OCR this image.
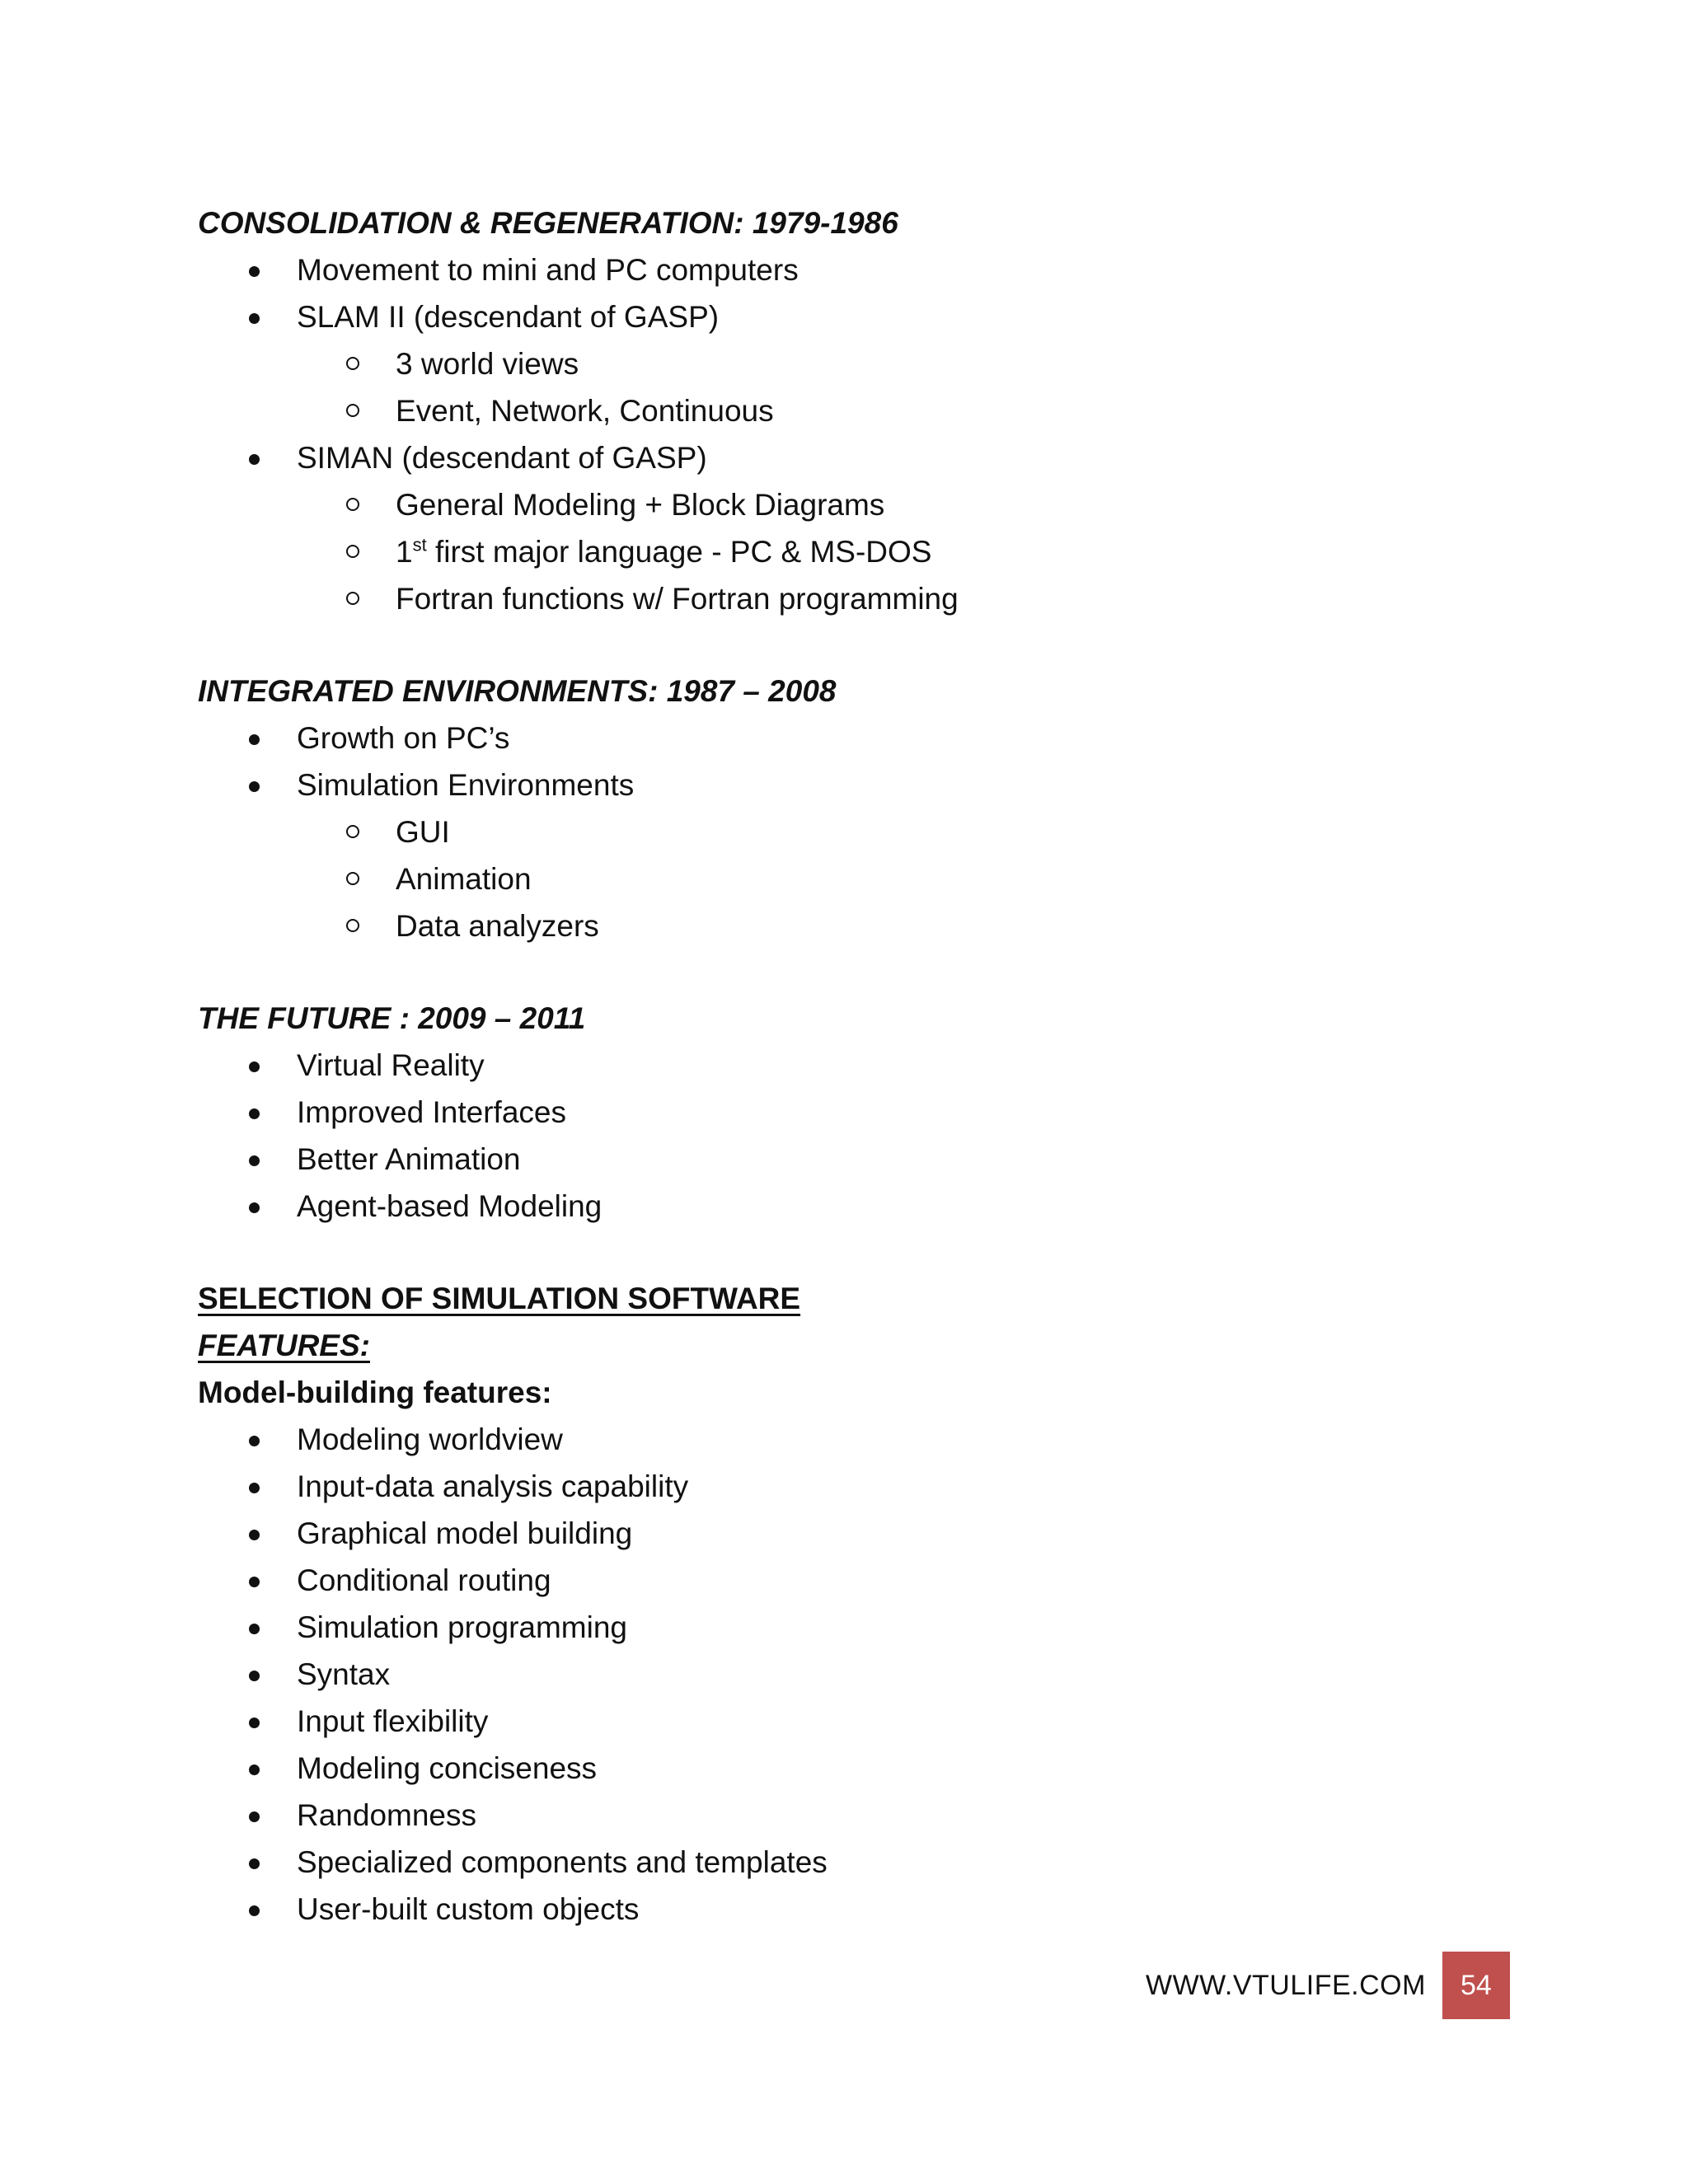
CONSOLIDATION & REGENERATION: 1979-1986
Movement to mini and PC computers
SLAM II (descendant of GASP)
3 world views
Event, Network, Continuous
SIMAN (descendant of GASP)
General Modeling + Block Diagrams
1st first major language - PC & MS-DOS
Fortran functions w/ Fortran programming
INTEGRATED ENVIRONMENTS: 1987 – 2008
Growth on PC’s
Simulation Environments
GUI
Animation
Data analyzers
THE FUTURE : 2009 – 2011
Virtual Reality
Improved Interfaces
Better Animation
Agent-based Modeling
SELECTION OF SIMULATION SOFTWARE
FEATURES:
Model-building features:
Modeling worldview
Input-data analysis capability
Graphical model building
Conditional routing
Simulation programming
Syntax
Input flexibility
Modeling conciseness
Randomness
Specialized components and templates
User-built custom objects
WWW.VTULIFE.COM	54
